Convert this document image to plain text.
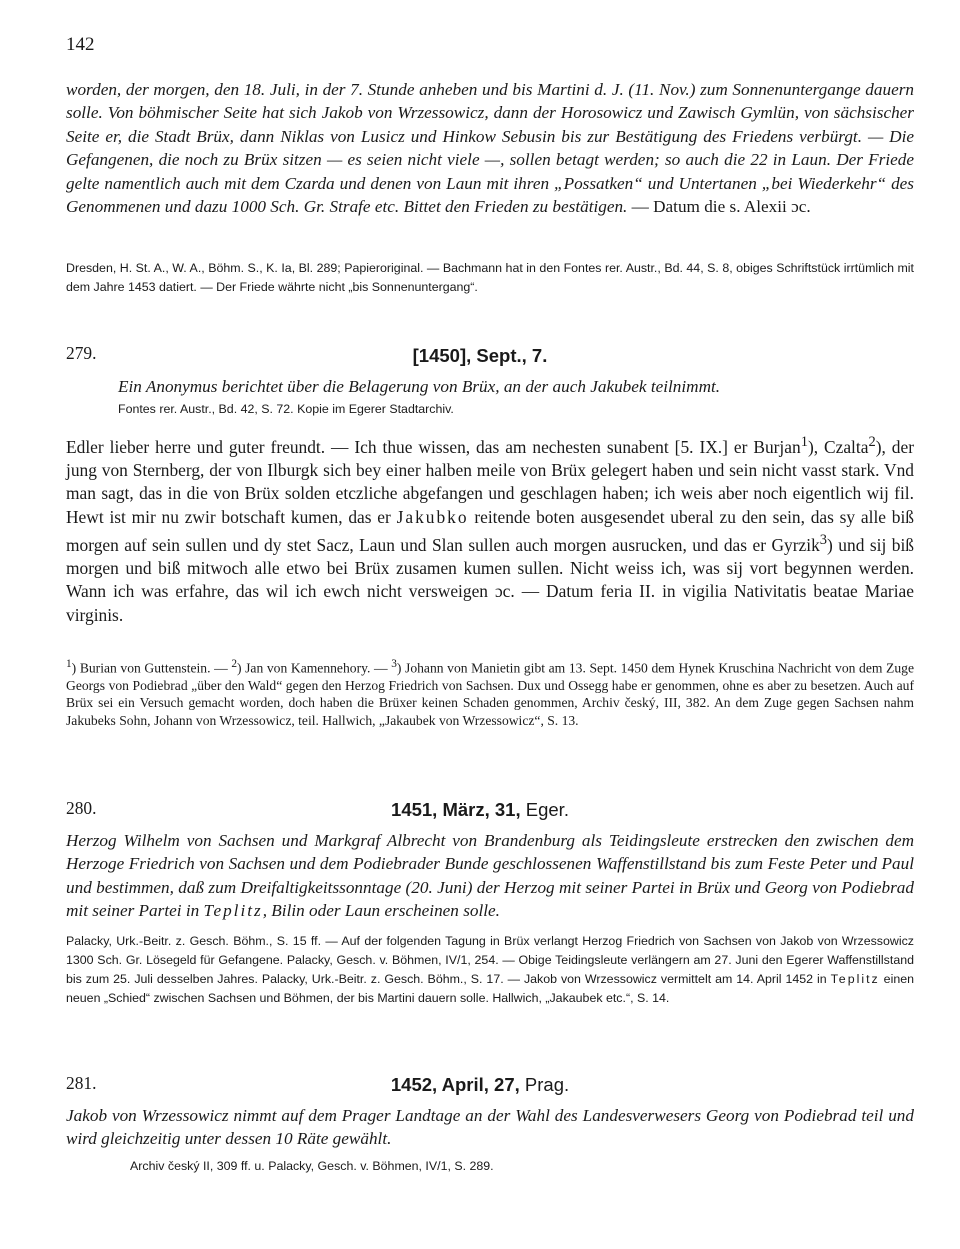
142
worden, der morgen, den 18. Juli, in der 7. Stunde anheben und bis Martini d. J. (11. Nov.) zum Sonnenuntergange dauern solle. Von böhmischer Seite hat sich Jakob von Wrzessowicz, dann der Horosowicz und Zawisch Gymlün, von sächsischer Seite er, die Stadt Brüx, dann Niklas von Lusicz und Hinkow Sebusin bis zur Bestätigung des Friedens verbürgt. — Die Gefangenen, die noch zu Brüx sitzen — es seien nicht viele —, sollen betagt werden; so auch die 22 in Laun. Der Friede gelte namentlich auch mit dem Czarda und denen von Laun mit ihren „Possatken“ und Untertanen „bei Wiederkehr“ des Genommenen und dazu 1000 Sch. Gr. Strafe etc. Bittet den Frieden zu bestätigen. — Datum die s. Alexii ɔc.

Dresden, H. St. A., W. A., Böhm. S., K. Ia, Bl. 289; Papieroriginal. — Bachmann hat in den Fontes rer. Austr., Bd. 44, S. 8, obiges Schriftstück irrtümlich mit dem Jahre 1453 datiert. — Der Friede währte nicht „bis Sonnenuntergang“.

279.	[1450], Sept., 7.

Ein Anonymus berichtet über die Belagerung von Brüx, an der auch Jakubek teilnimmt.

Fontes rer. Austr., Bd. 42, S. 72. Kopie im Egerer Stadtarchiv.

Edler lieber herre und guter freundt. — Ich thue wissen, das am nechesten sunabent [5. IX.] er Burjan$^1$), Czalta$^2$), der jung von Sternberg, der von Ilburgk sich bey einer halben meile von Brüx gelegert haben und sein nicht vasst stark. Vnd man sagt, das in die von Brüx solden etczliche abgefangen und geschlagen haben; ich weis aber noch eigentlich wij fil. Hewt ist mir nu zwir botschaft kumen, das er Jakubko reitende boten ausgesendet uberal zu den sein, das sy alle biß morgen auf sein sullen und dy stet Sacz, Laun und Slan sullen auch morgen ausrucken, und das er Gyrzik$^3$) und sij biß morgen und biß mitwoch alle etwo bei Brüx zusamen kumen sullen. Nicht weiss ich, was sij vort begynnen werden. Wann ich was erfahre, das wil ich ewch nicht versweigen ɔc. — Datum feria II. in vigilia Nativitatis beatae Mariae virginis.
$^1$) Burian von Guttenstein. — $^2$) Jan von Kamennehory. — $^3$) Johann von Manietin gibt am 13. Sept. 1450 dem Hynek Kruschina Nachricht von dem Zuge Georgs von Podiebrad „über den Wald“ gegen den Herzog Friedrich von Sachsen. Dux und Ossegg habe er genommen, ohne es aber zu besetzen. Auch auf Brüx sei ein Versuch gemacht worden, doch haben die Brüxer keinen Schaden genommen, Archiv český, III, 382. An dem Zuge gegen Sachsen nahm Jakubeks Sohn, Johann von Wrzessowicz, teil. Hallwich, „Jakaubek von Wrzessowicz“, S. 13.
280.	1451, März, 31, Eger.
Herzog Wilhelm von Sachsen und Markgraf Albrecht von Brandenburg als Teidingsleute erstrecken den zwischen dem Herzoge Friedrich von Sachsen und dem Podiebrader Bunde geschlossenen Waffenstillstand bis zum Feste Peter und Paul und bestimmen, daß zum Dreifaltigkeitssonntage (20. Juni) der Herzog mit seiner Partei in Brüx und Georg von Podiebrad mit seiner Partei in Teplitz, Bilin oder Laun erscheinen solle.
Palacky, Urk.-Beitr. z. Gesch. Böhm., S. 15 ff. — Auf der folgenden Tagung in Brüx verlangt Herzog Friedrich von Sachsen von Jakob von Wrzessowicz 1300 Sch. Gr. Lösegeld für Gefangene. Palacky, Gesch. v. Böhmen, IV/1, 254. — Obige Teidingsleute verlängern am 27. Juni den Egerer Waffenstillstand bis zum 25. Juli desselben Jahres. Palacky, Urk.-Beitr. z. Gesch. Böhm., S. 17. — Jakob von Wrzessowicz vermittelt am 14. April 1452 in Teplitz einen neuen „Schied“ zwischen Sachsen und Böhmen, der bis Martini dauern solle. Hallwich, „Jakaubek etc.“, S. 14.
281.	1452, April, 27, Prag.

Jakob von Wrzessowicz nimmt auf dem Prager Landtage an der Wahl des Landesverwesers Georg von Podiebrad teil und wird gleichzeitig unter dessen 10 Räte gewählt.

Archiv český II, 309 ff. u. Palacky, Gesch. v. Böhmen, IV/1, S. 289.
